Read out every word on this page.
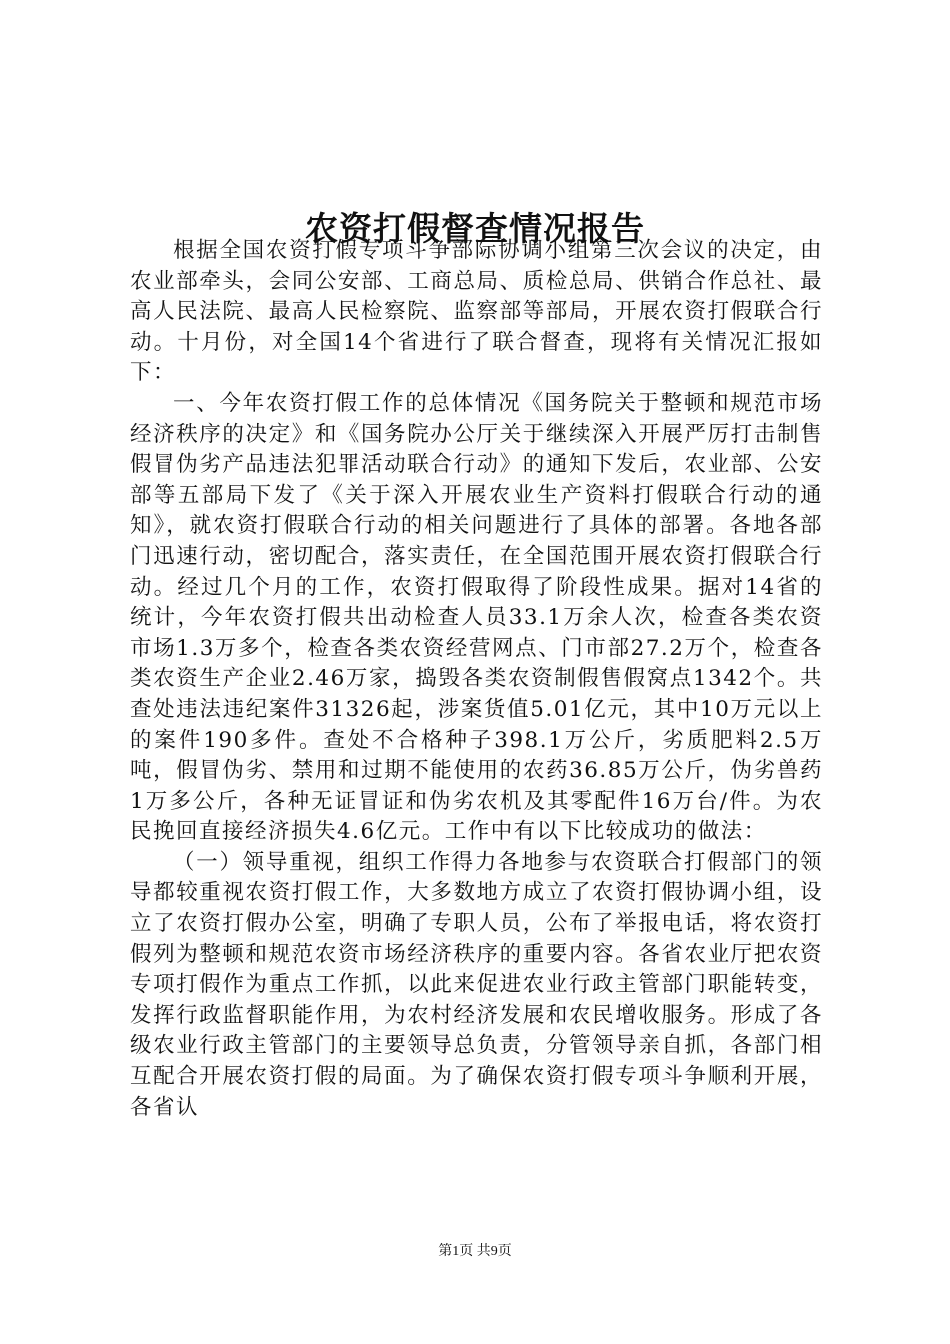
农资打假督查情况报告

根据全国农资打假专项斗争部际协调小组第三次会议的决定，由农业部牵头，会同公安部、工商总局、质检总局、供销合作总社、最高人民法院、最高人民检察院、监察部等部局，开展农资打假联合行动。十月份，对全国14个省进行了联合督查，现将有关情况汇报如下：

一、今年农资打假工作的总体情况《国务院关于整顿和规范市场经济秩序的决定》和《国务院办公厅关于继续深入开展严厉打击制售假冒伪劣产品违法犯罪活动联合行动》的通知下发后，农业部、公安部等五部局下发了《关于深入开展农业生产资料打假联合行动的通知》，就农资打假联合行动的相关问题进行了具体的部署。各地各部门迅速行动，密切配合，落实责任，在全国范围开展农资打假联合行动。经过几个月的工作，农资打假取得了阶段性成果。据对14省的统计，今年农资打假共出动检查人员33.1万余人次，检查各类农资市场1.3万多个，检查各类农资经营网点、门市部27.2万个，检查各类农资生产企业2.46万家，捣毁各类农资制假售假窝点1342个。共查处违法违纪案件31326起，涉案货值5.01亿元，其中10万元以上的案件190多件。查处不合格种子398.1万公斤，劣质肥料2.5万吨，假冒伪劣、禁用和过期不能使用的农药36.85万公斤，伪劣兽药1万多公斤，各种无证冒证和伪劣农机及其零配件16万台/件。为农民挽回直接经济损失4.6亿元。工作中有以下比较成功的做法：

（一）领导重视，组织工作得力各地参与农资联合打假部门的领导都较重视农资打假工作，大多数地方成立了农资打假协调小组，设立了农资打假办公室，明确了专职人员，公布了举报电话，将农资打假列为整顿和规范农资市场经济秩序的重要内容。各省农业厅把农资专项打假作为重点工作抓，以此来促进农业行政主管部门职能转变，发挥行政监督职能作用，为农村经济发展和农民增收服务。形成了各级农业行政主管部门的主要领导总负责，分管领导亲自抓，各部门相互配合开展农资打假的局面。为了确保农资打假专项斗争顺利开展，各省认

第1页 共9页
